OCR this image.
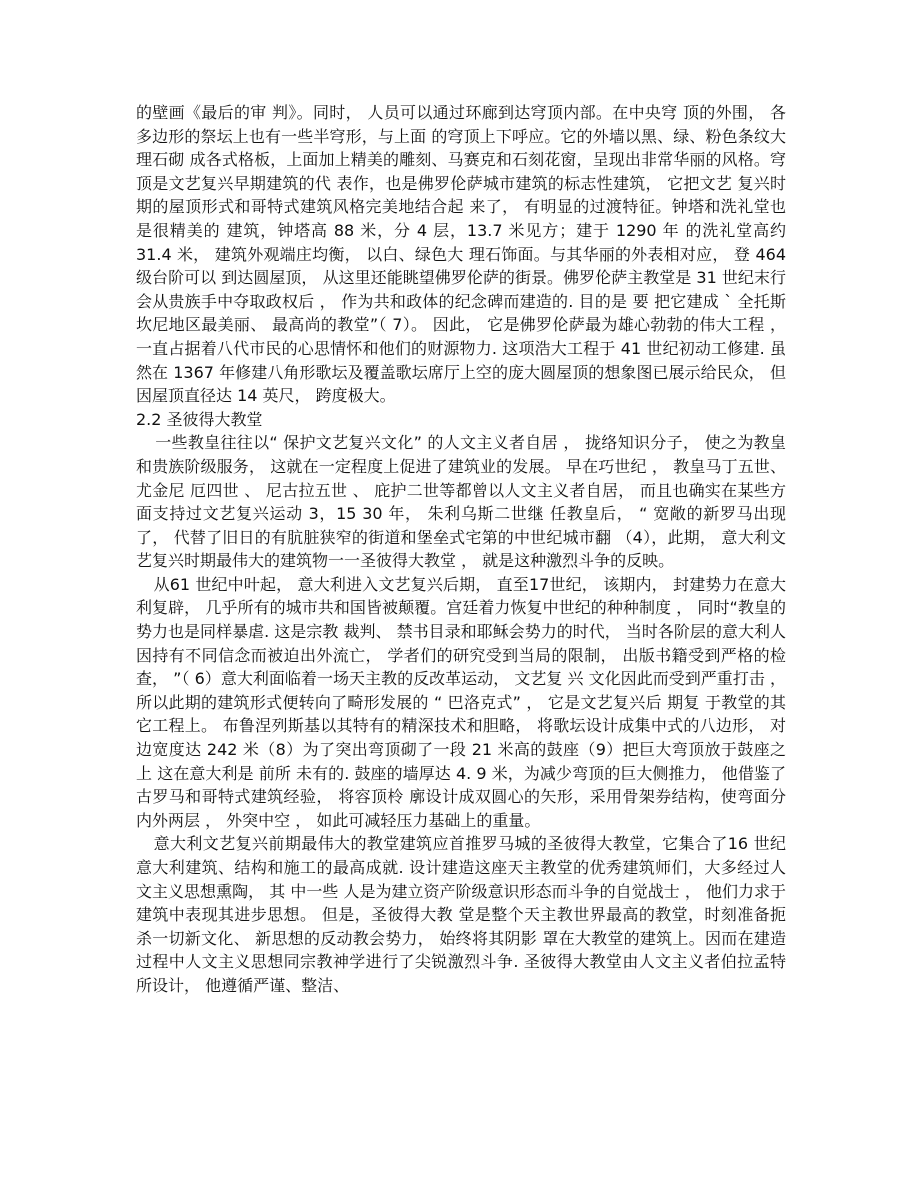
的壁画《最后的审 判》。同时， 人员可以通过环廊到达穹顶内部。在中央穹 顶的外围， 各多边形的祭坛上也有一些半穹形，与上面 的穹顶上下呼应。它的外墙以黑、绿、粉色条纹大理石砌 成各式格板，上面加上精美的雕刻、马赛克和石刻花窗，呈现出非常华丽的风格。穹顶是文艺复兴早期建筑的代 表作，也是佛罗伦萨城市建筑的标志性建筑， 它把文艺 复兴时期的屋顶形式和哥特式建筑风格完美地结合起 来了， 有明显的过渡特征。钟塔和洗礼堂也是很精美的 建筑，钟塔高 88 米，分 4 层，13.7 米见方；建于 1290 年 的洗礼堂高约 31.4 米， 建筑外观端庄均衡， 以白、绿色大 理石饰面。与其华丽的外表相对应， 登 464 级台阶可以 到达圆屋顶， 从这里还能眺望佛罗伦萨的街景。佛罗伦萨主教堂是 31 世纪末行会从贵族手中夺取政权后 ， 作为共和政体的纪念碑而建造的. 目的是 要 把它建成 ` 全托斯坎尼地区最美丽、 最高尚的教堂”（ 7）。 因此， 它是佛罗伦萨最为雄心勃勃的伟大工程 ， 一直占据着八代市民的心思情怀和他们的财源物力. 这项浩大工程于 41 世纪初动工修建. 虽然在 1367 年修建八角形歌坛及覆盖歌坛席厅上空的庞大圆屋顶的想象图已展示给民众， 但因屋顶直径达 14 英尺， 跨度极大。

2.2 圣彼得大教堂

一些教皇往往以“ 保护文艺复兴文化” 的人文主义者自居 ， 拢络知识分子， 使之为教皇和贵族阶级服务， 这就在一定程度上促进了建筑业的发展。 早在巧世纪 ， 教皇马丁五世、 尤金尼 厄四世 、 尼古拉五世 、 庇护二世等都曾以人文主义者自居， 而且也确实在某些方面支持过文艺复兴运动 3，15 30 年， 朱利乌斯二世继 任教皇后， “ 宽敞的新罗马出现了， 代替了旧日的有肮脏狭窄的街道和堡垒式宅第的中世纪城市翻 （4），此期， 意大利文艺复兴时期最伟大的建筑物一一圣彼得大教堂 ， 就是这种激烈斗争的反映。

从61 世纪中叶起， 意大利进入文艺复兴后期， 直至17世纪， 该期内， 封建势力在意大利复辟， 几乎所有的城市共和国皆被颠覆。宫廷着力恢复中世纪的种种制度 ， 同时“教皇的势力也是同样暴虐. 这是宗教 裁判、 禁书目录和耶稣会势力的时代， 当时各阶层的意大利人因持有不同信念而被迫出外流亡， 学者们的研究受到当局的限制， 出版书籍受到严格的检查， ”（ 6）意大利面临着一场天主教的反改革运动， 文艺复 兴 文化因此而受到严重打击 ， 所以此期的建筑形式便转向了畸形发展的 “ 巴洛克式” ， 它是文艺复兴后 期复 于教堂的其它工程上。 布鲁涅列斯基以其特有的精深技术和胆略， 将歌坛设计成集中式的八边形， 对边宽度达 242 米（8）为了突出弯顶砌了一段 21 米高的鼓座（9）把巨大弯顶放于鼓座之上 这在意大利是 前所 未有的. 鼓座的墙厚达 4. 9 米，为减少弯顶的巨大侧推力， 他借鉴了古罗马和哥特式建筑经验， 将容顶柃 廓设计成双圆心的矢形，采用骨架券结构，使弯面分内外两层 ， 外突中空 ， 如此可减轻压力基础上的重量。

意大利文艺复兴前期最伟大的教堂建筑应首推罗马城的圣彼得大教堂，它集合了16 世纪意大利建筑、结构和施工的最高成就. 设计建造这座天主教堂的优秀建筑师们，大多经过人文主义思想熏陶， 其 中一些 人是为建立资产阶级意识形态而斗争的自觉战士 ， 他们力求于建筑中表现其进步思想。 但是，圣彼得大教 堂是整个天主教世界最高的教堂，时刻准备扼杀一切新文化、 新思想的反动教会势力， 始终将其阴影 罩在大教堂的建筑上。因而在建造过程中人文主义思想同宗教神学进行了尖锐激烈斗争. 圣彼得大教堂由人文主义者伯拉孟特所设计， 他遵循严谨、整洁、
